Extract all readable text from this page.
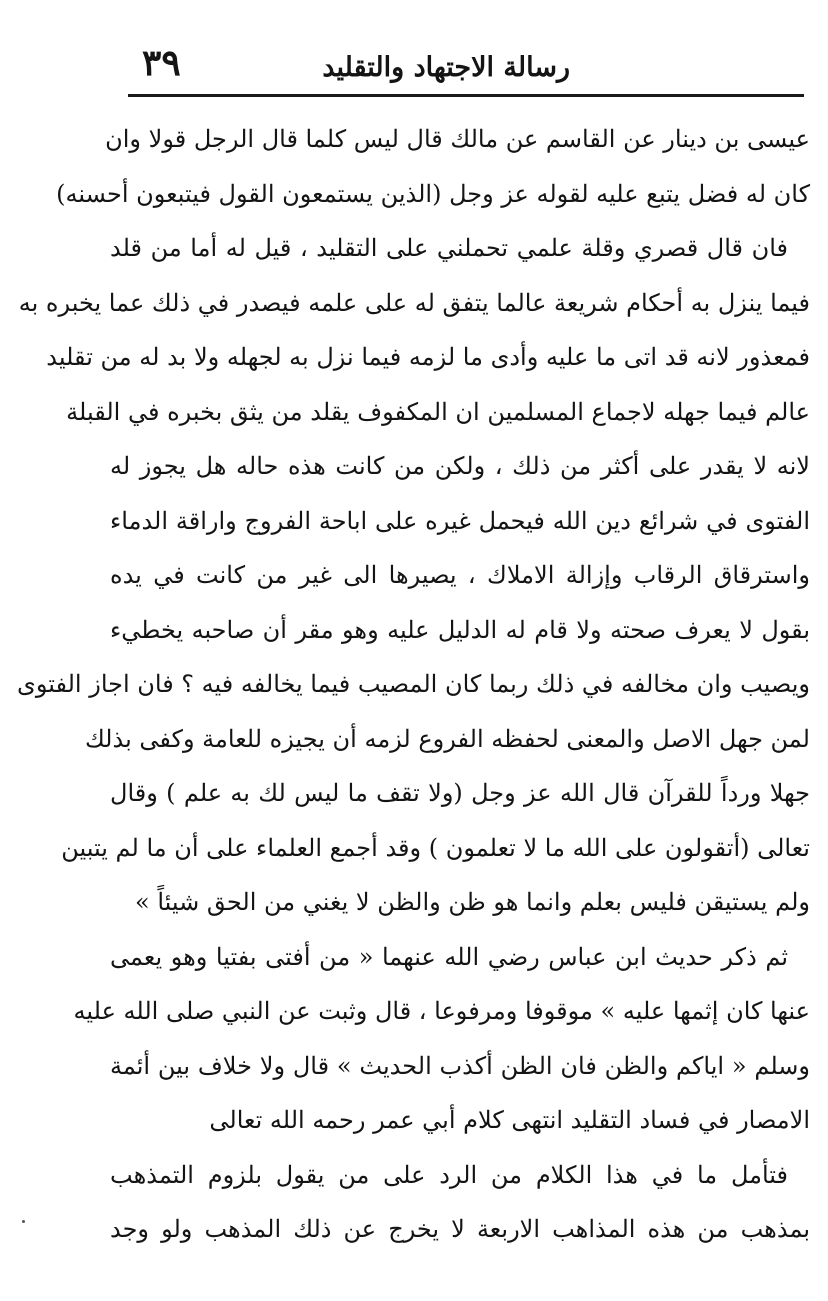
رسالة الاجتهاد والتقليد
٣٩
عيسى بن دينار عن القاسم عن مالك قال ليس كلما قال الرجل قولا وان
كان له فضل يتبع عليه لقوله عز وجل (الذين يستمعون القول فيتبعون أحسنه)
فان قال قصري وقلة علمي تحملني على التقليد ، قيل له أما من قلد
فيما ينزل به أحكام شريعة عالما يتفق له على علمه فيصدر في ذلك عما يخبره به
فمعذور لانه قد اتى ما عليه وأدى ما لزمه فيما نزل به لجهله ولا بد له من تقليد
عالم فيما جهله لاجماع المسلمين ان المكفوف يقلد من يثق بخبره في القبلة
لانه لا يقدر على أكثر من ذلك ، ولكن من كانت هذه حاله هل يجوز له
الفتوى في شرائع دين الله فيحمل غيره على اباحة الفروج واراقة الدماء
واسترقاق الرقاب وإزالة الاملاك ، يصيرها الى غير من كانت في يده
بقول لا يعرف صحته ولا قام له الدليل عليه وهو مقر أن صاحبه يخطيء
ويصيب وان مخالفه في ذلك ربما كان المصيب فيما يخالفه فيه ؟ فان اجاز الفتوى
لمن جهل الاصل والمعنى لحفظه الفروع لزمه أن يجيزه للعامة وكفى بذلك
جهلا ورداً للقرآن قال الله عز وجل (ولا تقف ما ليس لك به علم ) وقال
تعالى (أتقولون على الله ما لا تعلمون ) وقد أجمع العلماء على أن ما لم يتبين
ولم يستيقن فليس بعلم وانما هو ظن والظن لا يغني من الحق شيئاً »
ثم ذكر حديث ابن عباس رضي الله عنهما « من أفتى بفتيا وهو يعمى
عنها كان إثمها عليه » موقوفا ومرفوعا ، قال وثبت عن النبي صلى الله عليه
وسلم « اياكم والظن فان الظن أكذب الحديث » قال ولا خلاف بين أئمة
الامصار في فساد التقليد انتهى كلام أبي عمر رحمه الله تعالى
فتأمل ما في هذا الكلام من الرد على من يقول بلزوم التمذهب
بمذهب من هذه المذاهب الاربعة لا يخرج عن ذلك المذهب ولو وجد
